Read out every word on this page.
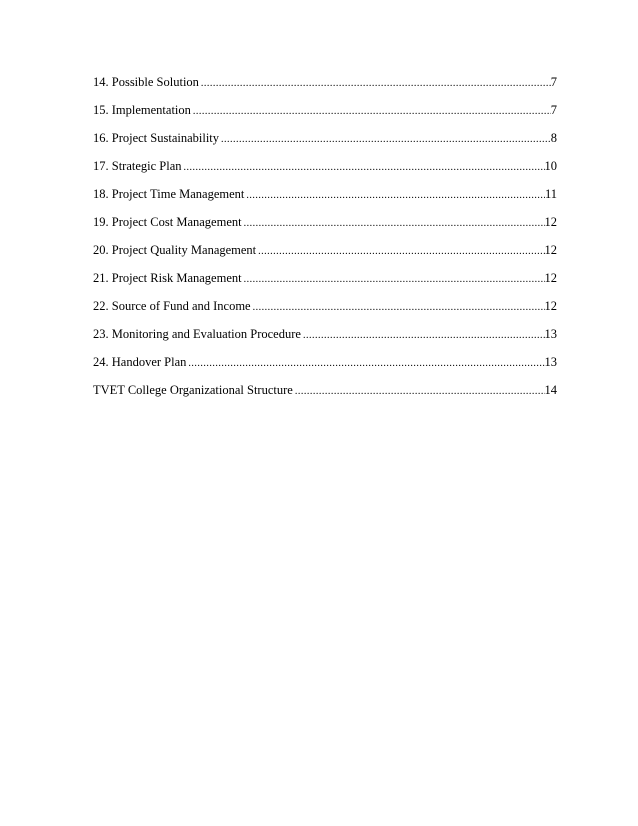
14. Possible Solution .....	7
15. Implementation .....	7
16. Project Sustainability .....	8
17. Strategic Plan .....	10
18. Project Time Management .....	11
19. Project Cost Management .....	12
20. Project Quality Management .....	12
21. Project Risk Management .....	12
22. Source of Fund and Income .....	12
23. Monitoring and Evaluation Procedure .....	13
24. Handover Plan .....	13
TVET College Organizational Structure .....	14
